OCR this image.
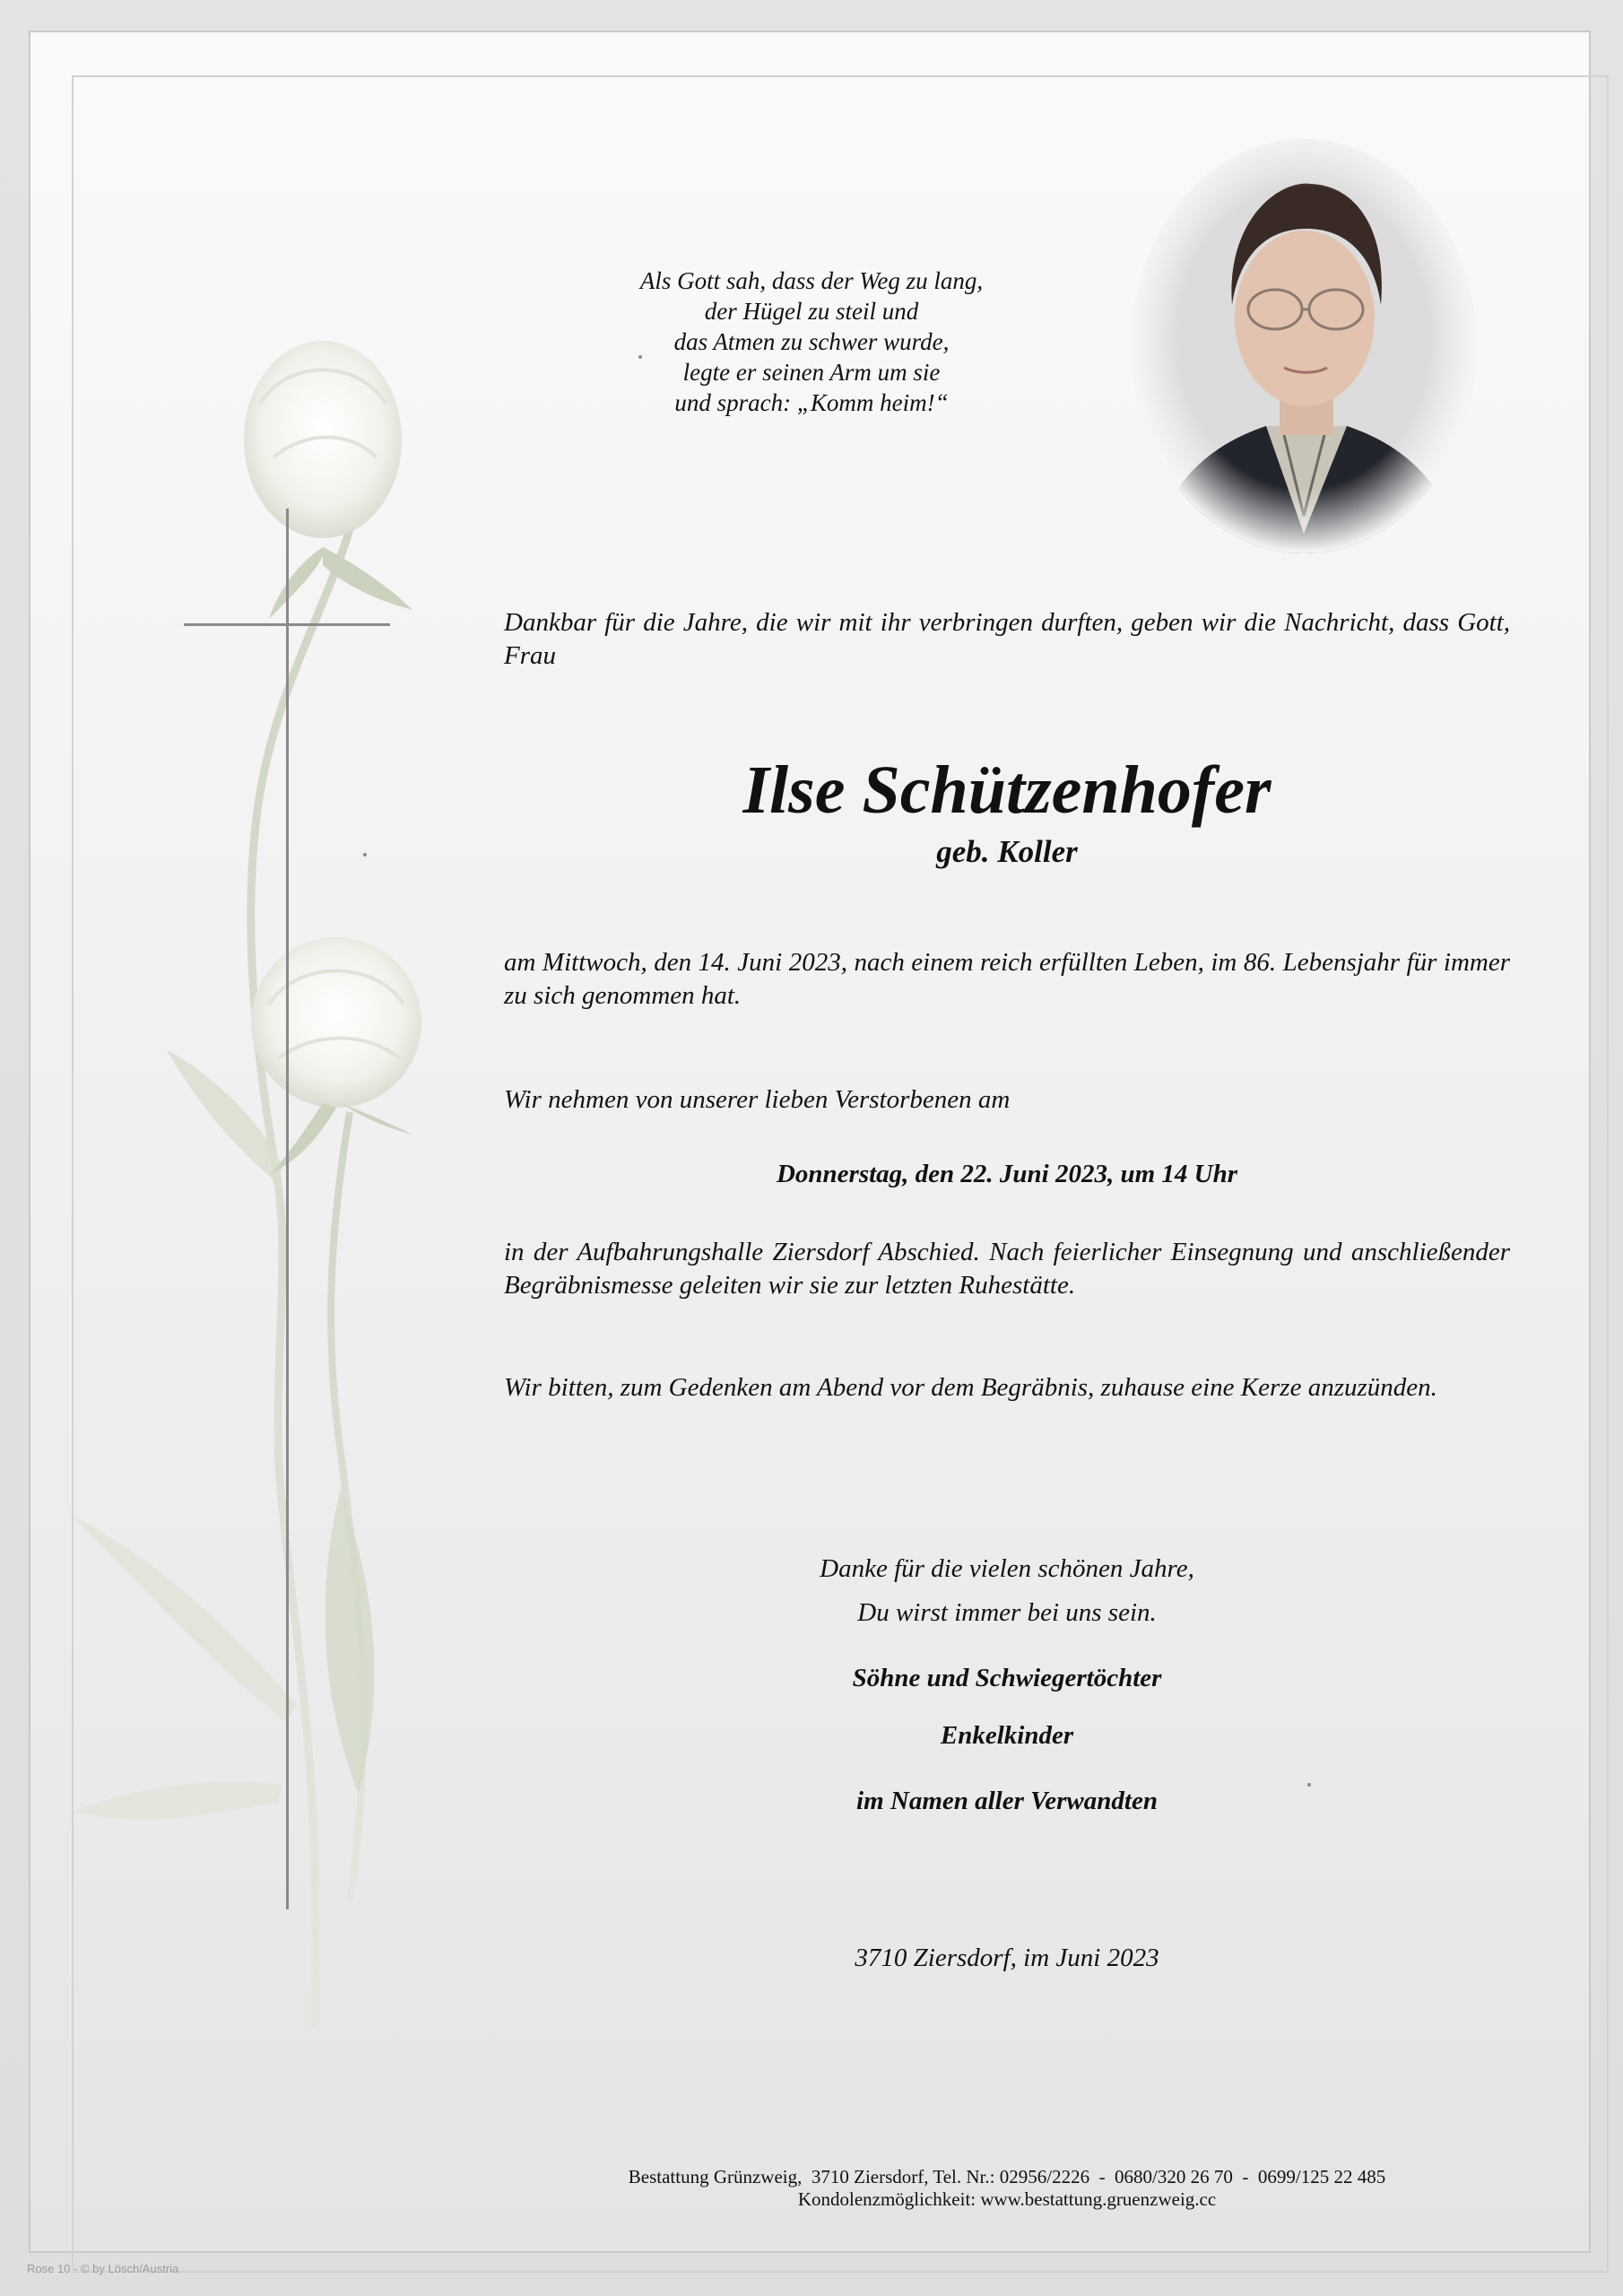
Als Gott sah, dass der Weg zu lang,
der Hügel zu steil und
das Atmen zu schwer wurde,
legte er seinen Arm um sie
und sprach: „Komm heim!“
Dankbar für die Jahre, die wir mit ihr verbringen durften, geben wir die Nachricht, dass Gott, Frau
Ilse Schützenhofer
geb. Koller
am Mittwoch, den 14. Juni 2023, nach einem reich erfüllten Leben, im 86. Lebensjahr für immer zu sich genommen hat.
Wir nehmen von unserer lieben Verstorbenen am
Donnerstag, den 22. Juni 2023, um 14 Uhr
in der Aufbahrungshalle Ziersdorf Abschied. Nach feierlicher Einsegnung und anschließender Begräbnismesse geleiten wir sie zur letzten Ruhestätte.
Wir bitten, zum Gedenken am Abend vor dem Begräbnis, zuhause eine Kerze anzuzünden.
Danke für die vielen schönen Jahre,
Du wirst immer bei uns sein.
Söhne und Schwiegertöchter
Enkelkinder
im Namen aller Verwandten
3710 Ziersdorf, im Juni 2023
Bestattung Grünzweig,  3710 Ziersdorf, Tel. Nr.: 02956/2226  -  0680/320 26 70  -  0699/125 22 485
Kondolenzmöglichkeit: www.bestattung.gruenzweig.cc
Rose 10 - © by Lösch/Austria
